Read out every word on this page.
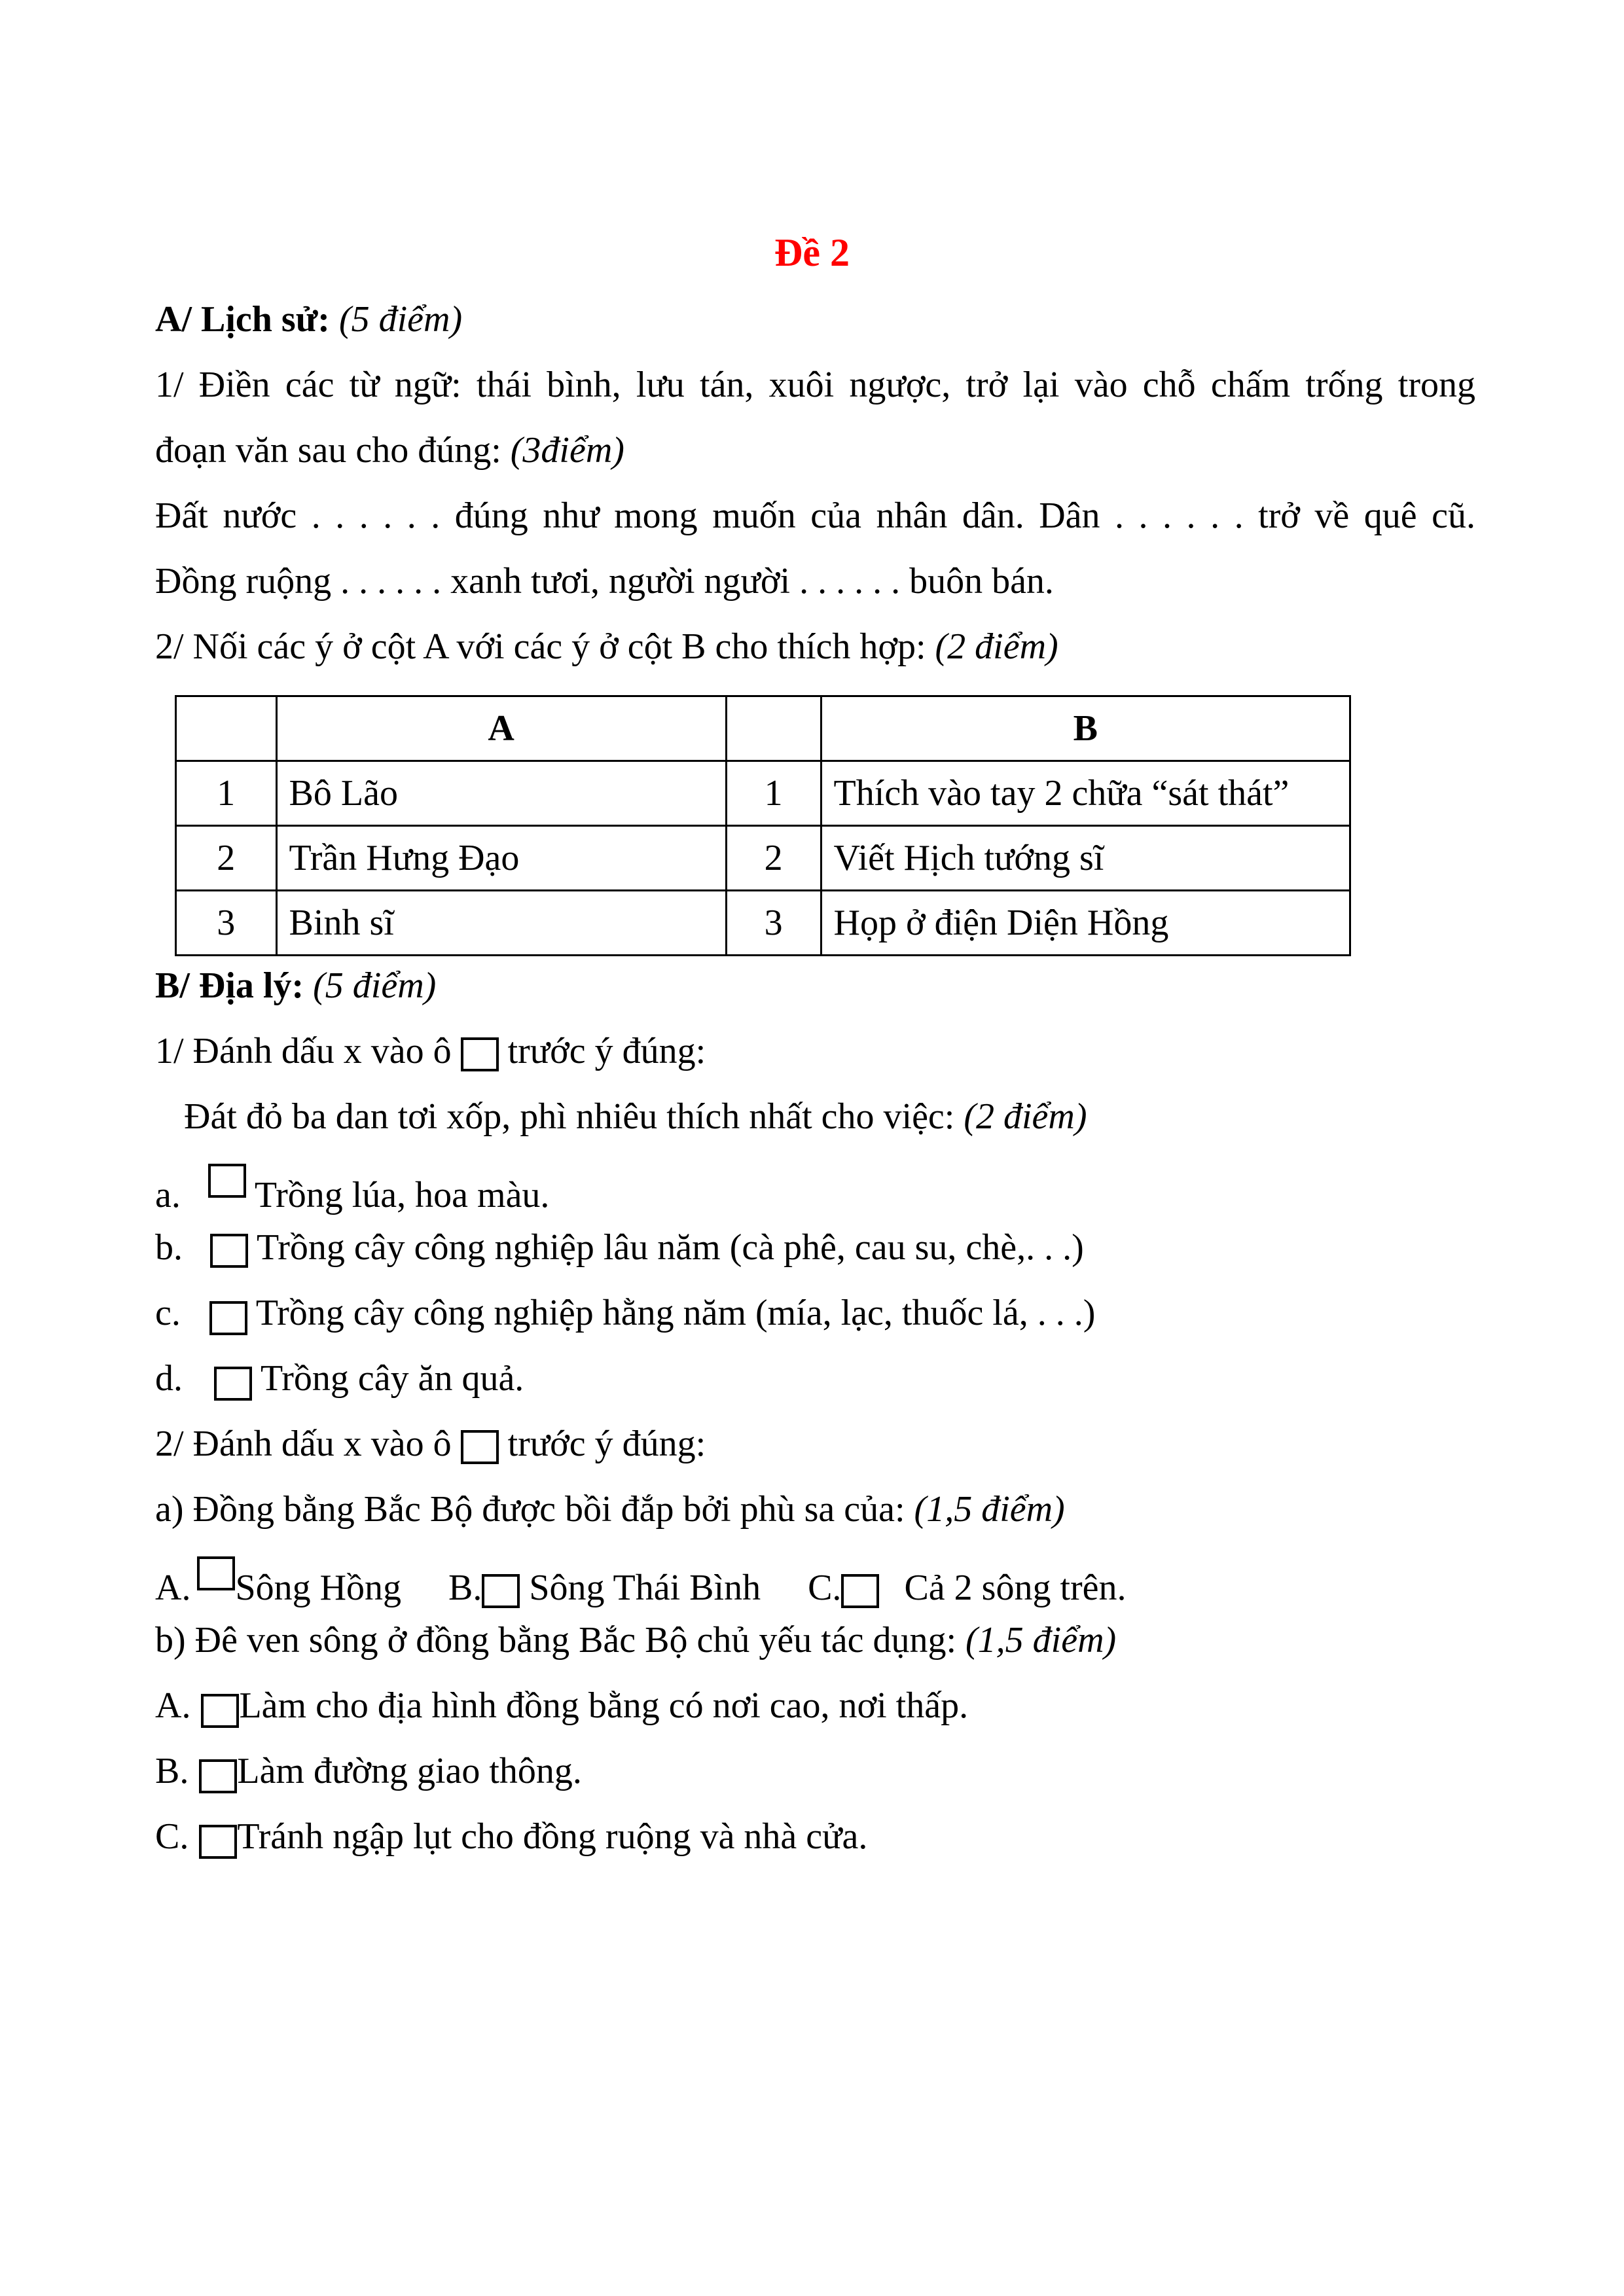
Đề 2
A/ Lịch sử: (5 điểm)
1/ Điền các từ ngữ: thái bình, lưu tán, xuôi ngược, trở lại vào chỗ chấm trống trong
đoạn văn sau cho đúng: (3điểm)
Đất nước . . . . . . đúng như mong muốn của nhân dân. Dân . . . . . . trở về quê cũ.
Đồng ruộng . . . . . . xanh tươi, người người . . . . . . buôn bán.
2/ Nối các ý ở cột A với các ý ở cột B cho thích hợp: (2 điểm)
	A		B
1	Bô Lão	1	Thích vào tay 2 chữa “sát thát”
2	Trần Hưng Đạo	2	Viết Hịch tướng sĩ
3	Binh sĩ	3	Họp ở điện Diện Hồng
B/ Địa lý: (5 điểm)
1/ Đánh dấu x vào ô trước ý đúng:
Đát đỏ ba dan tơi xốp, phì nhiêu thích nhất cho việc: (2 điểm)
a. Trồng lúa, hoa màu.
b. Trồng cây công nghiệp lâu năm (cà phê, cau su, chè,. . .)
c. Trồng cây công nghiệp hằng năm (mía, lạc, thuốc lá, . . .)
d. Trồng cây ăn quả.
2/ Đánh dấu x vào ô trước ý đúng:
a) Đồng bằng Bắc Bộ được bồi đắp bởi phù sa của: (1,5 điểm)
A. Sông Hồng B. Sông Thái Bình C. Cả 2 sông trên.
b) Đê ven sông ở đồng bằng Bắc Bộ chủ yếu tác dụng: (1,5 điểm)
A. Làm cho địa hình đồng bằng có nơi cao, nơi thấp.
B. Làm đường giao thông.
C. Tránh ngập lụt cho đồng ruộng và nhà cửa.
